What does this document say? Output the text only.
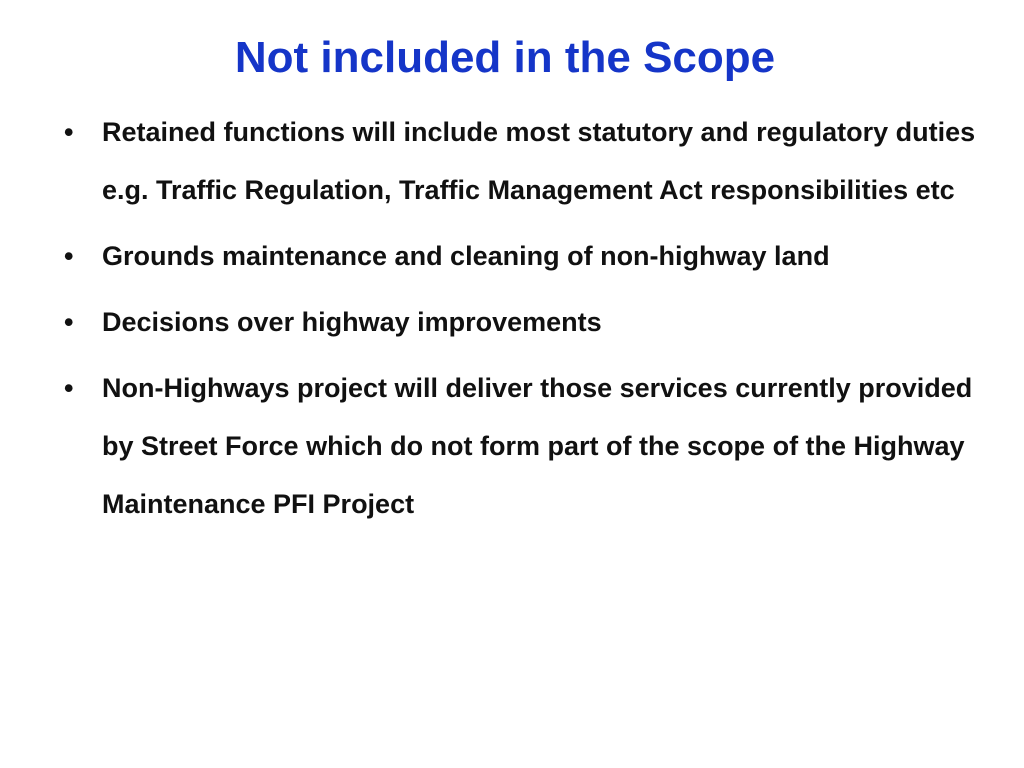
Not included in the Scope
• Retained functions will include most statutory and regulatory duties e.g. Traffic Regulation, Traffic Management Act responsibilities etc
• Grounds maintenance and cleaning of non-highway land
• Decisions over highway improvements
• Non-Highways project will deliver those services currently provided by Street Force which do not form part of the scope of the Highway Maintenance PFI Project
